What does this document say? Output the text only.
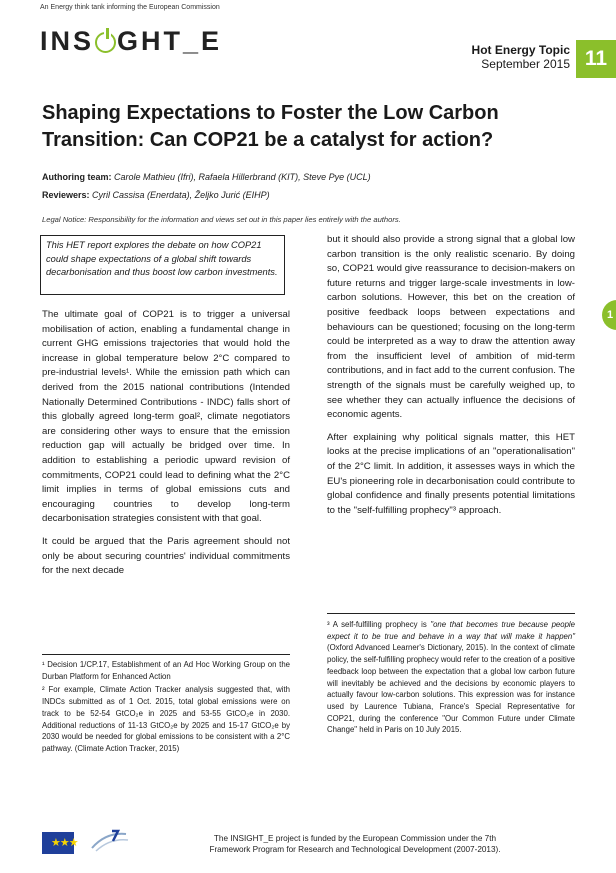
An Energy think tank informing the European Commission
INS GHT_E	Hot Energy Topic
September 2015 11
Shaping Expectations to Foster the Low Carbon Transition: Can COP21 be a catalyst for action?
Authoring team: Carole Mathieu (Ifri), Rafaela Hillerbrand (KIT), Steve Pye (UCL)
Reviewers: Cyril Cassisa (Enerdata), Željko Jurić (EIHP)
Legal Notice: Responsibility for the information and views set out in this paper lies entirely with the authors.
This HET report explores the debate on how COP21 could shape expectations of a global shift towards decarbonisation and thus boost low carbon investments.

The ultimate goal of COP21 is to trigger a universal mobilisation of action, enabling a fundamental change in current GHG emissions trajectories that would hold the increase in global temperature below 2°C compared to pre-industrial levels¹. While the emission path which can derived from the 2015 national contributions (Intended Nationally Determined Contributions - INDC) falls short of this globally agreed long-term goal², climate negotiators are considering other ways to ensure that the emission reduction gap will actually be bridged over time. In addition to establishing a periodic upward revision of commitments, COP21 could lead to defining what the 2°C limit implies in terms of global emissions cuts and encouraging countries to develop long-term decarbonisation strategies consistent with that goal.

It could be argued that the Paris agreement should not only be about securing countries' individual commitments for the next decade

but it should also provide a strong signal that a global low carbon transition is the only realistic scenario. By doing so, COP21 would give reassurance to decision-makers on future returns and trigger large-scale investments in low-carbon solutions. However, this bet on the creation of positive feedback loops between expectations and behaviours can be questioned; focusing on the long-term could be interpreted as a way to draw the attention away from the insufficient level of ambition of mid-term contributions, and in fact add to the current confusion. The strength of the signals must be carefully weighed up, to see whether they can actually influence the decisions of economic agents.

After explaining why political signals matter, this HET looks at the precise implications of an "operationalisation" of the 2°C limit. In addition, it assesses ways in which the EU's pioneering role in decarbonisation could contribute to global confidence and finally presents potential limitations to the "self-fulfilling prophecy"³ approach.

¹ Decision 1/CP.17, Establishment of an Ad Hoc Working Group on the Durban Platform for Enhanced Action

² For example, Climate Action Tracker analysis suggested that, with INDCs submitted as of 1 Oct. 2015, total global emissions were on track to be 52-54 GtCO₂e in 2025 and 53-55 GtCO₂e in 2030. Additional reductions of 11-13 GtCO₂e by 2025 and 15-17 GtCO₂e by 2030 would be needed for global emissions to be consistent with a 2°C pathway. (Climate Action Tracker, 2015)

³ A self-fulfilling prophecy is "one that becomes true because people expect it to be true and behave in a way that will make it happen" (Oxford Advanced Learner's Dictionary, 2015). In the context of climate policy, the self-fulfilling prophecy would refer to the creation of a positive feedback loop between the expectation that a global low carbon future will inevitably be achieved and the decisions by economic players to actually favour low-carbon solutions. This expression was for instance used by Laurence Tubiana, France's Special Representative for COP21, during the conference "Our Common Future under Climate Change" held in Paris on 10 July 2015.

1
★★★	The INSIGHT_E project is funded by the European Commission under the 7th
Framework Program for Research and Technological Development (2007-2013).
